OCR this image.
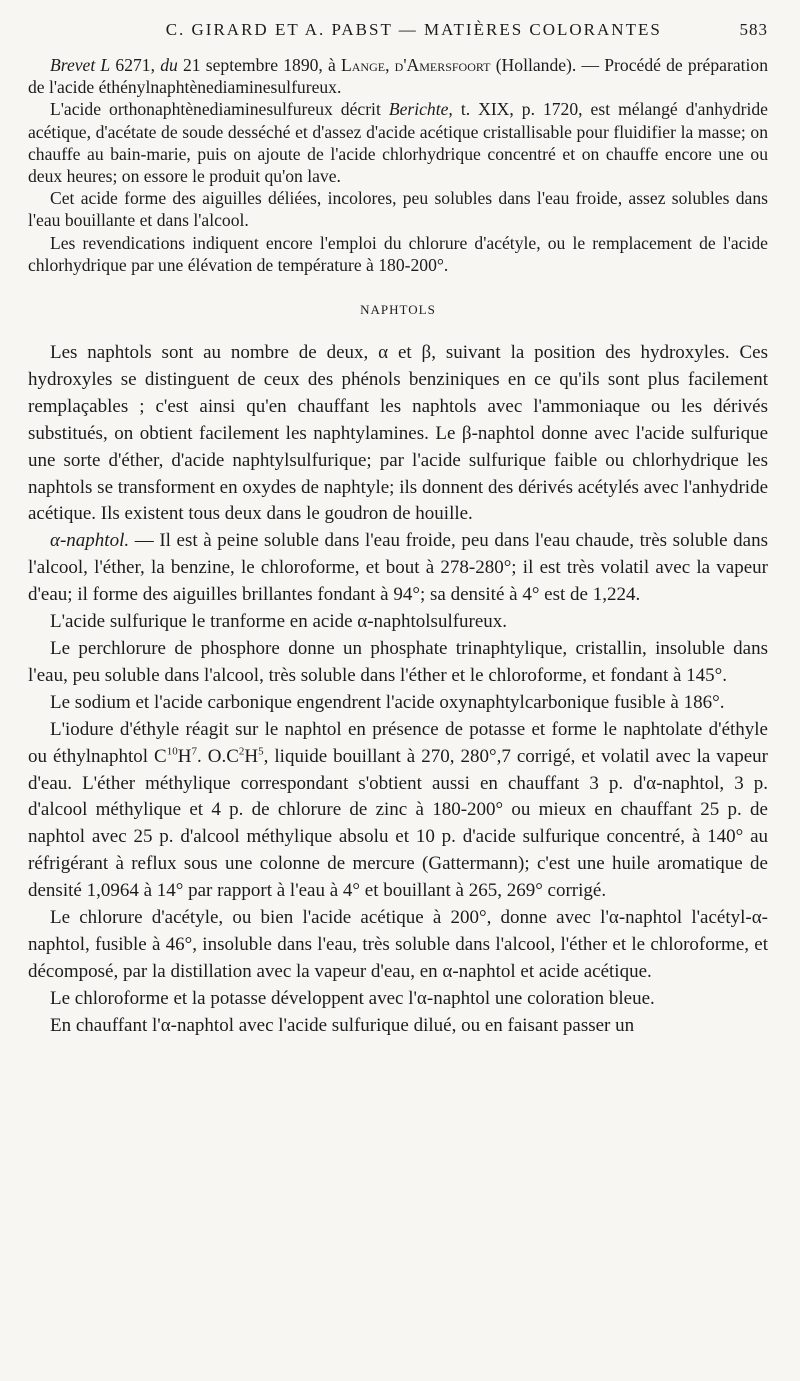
C. GIRARD ET A. PABST — MATIÈRES COLORANTES	583

Brevet L 6271, du 21 septembre 1890, à Lange, d'Amersfoort (Hollande). — Procédé de préparation de l'acide éthénylnaphtènediaminesulfureux.

L'acide orthonaphtènediaminesulfureux décrit Berichte, t. XIX, p. 1720, est mélangé d'anhydride acétique, d'acétate de soude desséché et d'assez d'acide acétique cristallisable pour fluidifier la masse; on chauffe au bain-marie, puis on ajoute de l'acide chlorhydrique concentré et on chauffe encore une ou deux heures; on essore le produit qu'on lave.

Cet acide forme des aiguilles déliées, incolores, peu solubles dans l'eau froide, assez solubles dans l'eau bouillante et dans l'alcool.

Les revendications indiquent encore l'emploi du chlorure d'acétyle, ou le remplacement de l'acide chlorhydrique par une élévation de température à 180-200°.

NAPHTOLS

Les naphtols sont au nombre de deux, α et β, suivant la position des hydroxyles. Ces hydroxyles se distinguent de ceux des phénols benziniques en ce qu'ils sont plus facilement remplaçables ; c'est ainsi qu'en chauffant les naphtols avec l'ammoniaque ou les dérivés substitués, on obtient facilement les naphtylamines. Le β-naphtol donne avec l'acide sulfurique une sorte d'éther, d'acide naphtylsulfurique; par l'acide sulfurique faible ou chlorhydrique les naphtols se transforment en oxydes de naphtyle; ils donnent des dérivés acétylés avec l'anhydride acétique. Ils existent tous deux dans le goudron de houille.

α-naphtol. — Il est à peine soluble dans l'eau froide, peu dans l'eau chaude, très soluble dans l'alcool, l'éther, la benzine, le chloroforme, et bout à 278-280°; il est très volatil avec la vapeur d'eau; il forme des aiguilles brillantes fondant à 94°; sa densité à 4° est de 1,224.

L'acide sulfurique le tranforme en acide α-naphtolsulfureux.

Le perchlorure de phosphore donne un phosphate trinaphtylique, cristallin, insoluble dans l'eau, peu soluble dans l'alcool, très soluble dans l'éther et le chloroforme, et fondant à 145°.

Le sodium et l'acide carbonique engendrent l'acide oxynaphtylcarbonique fusible à 186°.

L'iodure d'éthyle réagit sur le naphtol en présence de potasse et forme le naphtolate d'éthyle ou éthylnaphtol $C^{10}H^7$. $O.C^2H^5$, liquide bouillant à 270, 280°,7 corrigé, et volatil avec la vapeur d'eau. L'éther méthylique correspondant s'obtient aussi en chauffant 3 p. d'α-naphtol, 3 p. d'alcool méthylique et 4 p. de chlorure de zinc à 180-200° ou mieux en chauffant 25 p. de naphtol avec 25 p. d'alcool méthylique absolu et 10 p. d'acide sulfurique concentré, à 140° au réfrigérant à reflux sous une colonne de mercure (Gattermann); c'est une huile aromatique de densité 1,0964 à 14° par rapport à l'eau à 4° et bouillant à 265, 269° corrigé.

Le chlorure d'acétyle, ou bien l'acide acétique à 200°, donne avec l'α-naphtol l'acétyl-α-naphtol, fusible à 46°, insoluble dans l'eau, très soluble dans l'alcool, l'éther et le chloroforme, et décomposé, par la distillation avec la vapeur d'eau, en α-naphtol et acide acétique.

Le chloroforme et la potasse développent avec l'α-naphtol une coloration bleue.

En chauffant l'α-naphtol avec l'acide sulfurique dilué, ou en faisant passer un
